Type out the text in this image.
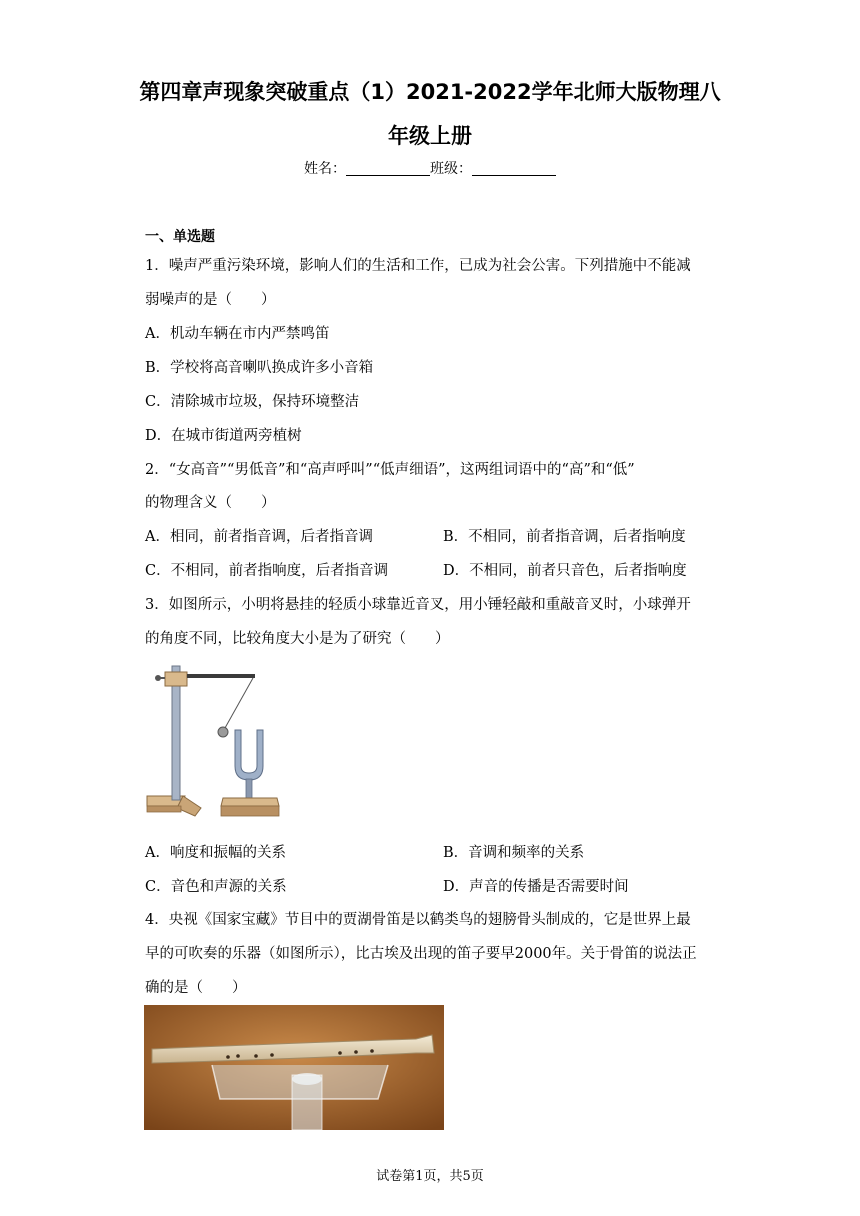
第四章声现象突破重点（1）2021-2022学年北师大版物理八
年级上册
姓名：	班级：
一、单选题
1．噪声严重污染环境，影响人们的生活和工作，已成为社会公害。下列措施中不能减
弱噪声的是（　　）
A．机动车辆在市内严禁鸣笛
B．学校将高音喇叭换成许多小音箱
C．清除城市垃圾，保持环境整洁
D．在城市街道两旁植树
2．“女高音”“男低音”和“高声呼叫”“低声细语”，这两组词语中的“高”和“低”
的物理含义（　　）
A．相同，前者指音调，后者指音调	B．不相同，前者指音调，后者指响度
C．不相同，前者指响度，后者指音调	D．不相同，前者只音色，后者指响度
3．如图所示，小明将悬挂的轻质小球靠近音叉，用小锤轻敲和重敲音叉时，小球弹开
的角度不同，比较角度大小是为了研究（　　）
A．响度和振幅的关系	B．音调和频率的关系
C．音色和声源的关系	D．声音的传播是否需要时间
4．央视《国家宝藏》节目中的贾湖骨笛是以鹤类鸟的翅膀骨头制成的，它是世界上最
早的可吹奏的乐器（如图所示），比古埃及出现的笛子要早2000年。关于骨笛的说法正
确的是（　　）
试卷第1页，共5页
